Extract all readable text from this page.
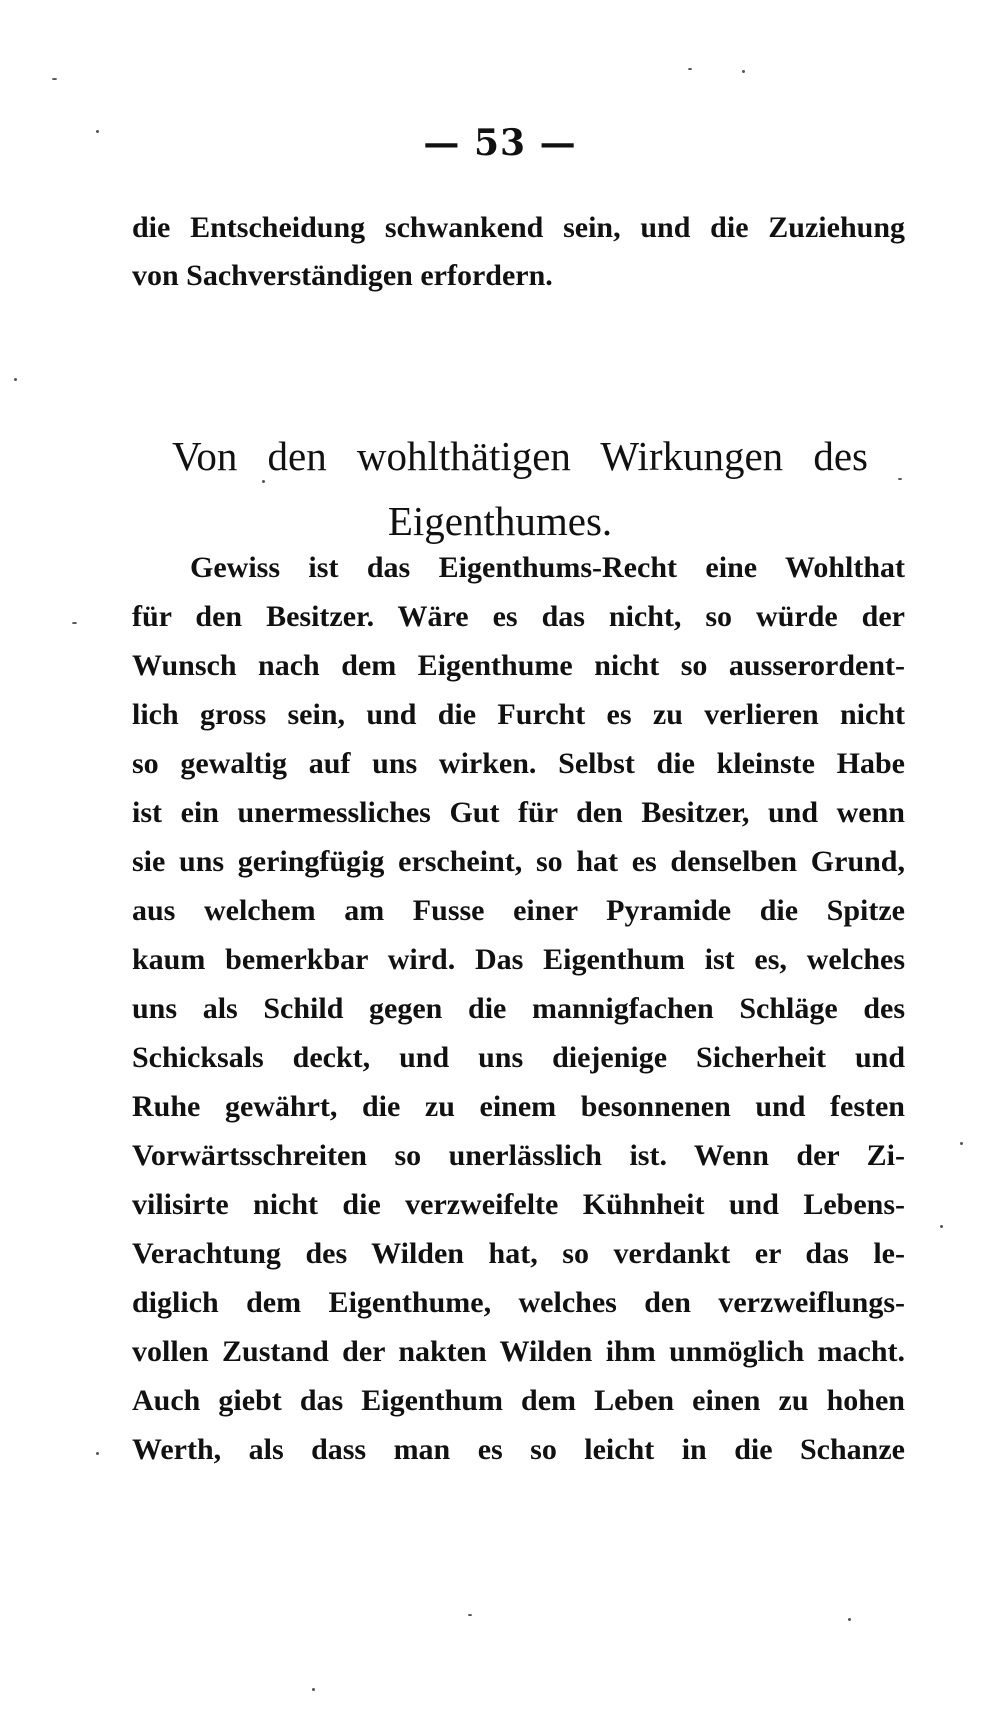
— 53 —
die Entscheidung schwankend sein, und die Zuziehung
von Sachverständigen erfordern.
Von den wohlthätigen Wirkungen des
Eigenthumes.
Gewiss ist das Eigenthums-Recht eine Wohlthat
für den Besitzer. Wäre es das nicht, so würde der
Wunsch nach dem Eigenthume nicht so ausserordent-
lich gross sein, und die Furcht es zu verlieren nicht
so gewaltig auf uns wirken. Selbst die kleinste Habe
ist ein unermessliches Gut für den Besitzer, und wenn
sie uns geringfügig erscheint, so hat es denselben Grund,
aus welchem am Fusse einer Pyramide die Spitze
kaum bemerkbar wird. Das Eigenthum ist es, welches
uns als Schild gegen die mannigfachen Schläge des
Schicksals deckt, und uns diejenige Sicherheit und
Ruhe gewährt, die zu einem besonnenen und festen
Vorwärtsschreiten so unerlässlich ist. Wenn der Zi-
vilisirte nicht die verzweifelte Kühnheit und Lebens-
Verachtung des Wilden hat, so verdankt er das le-
diglich dem Eigenthume, welches den verzweiflungs-
vollen Zustand der nakten Wilden ihm unmöglich macht.
Auch giebt das Eigenthum dem Leben einen zu hohen
Werth, als dass man es so leicht in die Schanze
